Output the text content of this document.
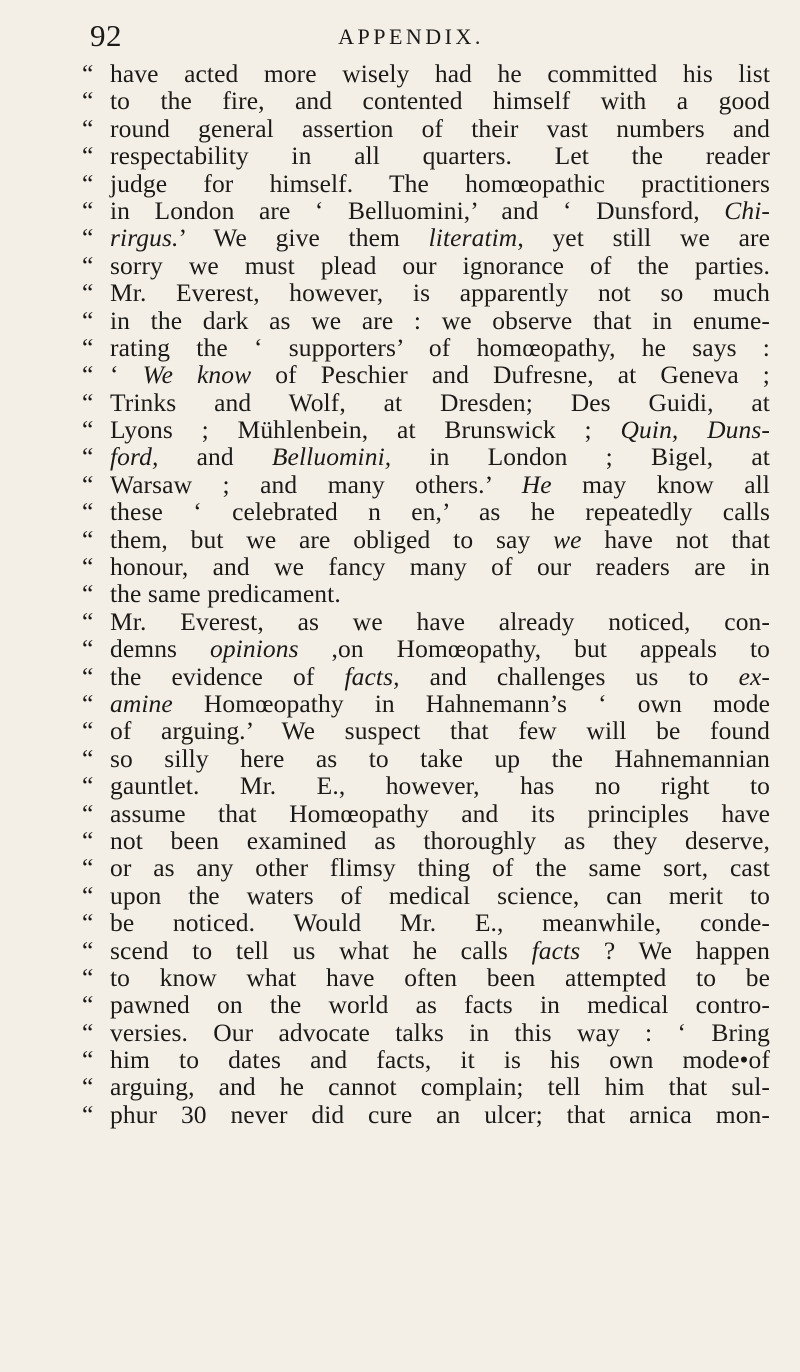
92	APPENDIX.
“ have acted more wisely had he committed his list
“ to the fire, and contented himself with a good
“ round general assertion of their vast numbers and
“ respectability in all quarters. Let the reader
“ judge for himself. The homœopathic practitioners
“ in London are ‘ Belluomini,’ and ‘ Dunsford, Chi-
“ rirgus.’ We give them literatim, yet still we are
“ sorry we must plead our ignorance of the parties.
“ Mr. Everest, however, is apparently not so much
“ in the dark as we are : we observe that in enume-
“ rating the ‘ supporters’ of homœopathy, he says :
“ ‘ We know of Peschier and Dufresne, at Geneva ;
“ Trinks and Wolf, at Dresden; Des Guidi, at
“ Lyons ; Mühlenbein, at Brunswick ; Quin, Duns-
“ ford, and Belluomini, in London ; Bigel, at
“ Warsaw ; and many others.’ He may know all
“ these ‘ celebrated n en,’ as he repeatedly calls
“ them, but we are obliged to say we have not that
“ honour, and we fancy many of our readers are in
“ the same predicament.
“ Mr. Everest, as we have already noticed, con-
“ demns opinions ,on Homœopathy, but appeals to
“ the evidence of facts, and challenges us to ex-
“ amine Homœopathy in Hahnemann’s ‘ own mode
“ of arguing.’ We suspect that few will be found
“ so silly here as to take up the Hahnemannian
“ gauntlet. Mr. E., however, has no right to
“ assume that Homœopathy and its principles have
“ not been examined as thoroughly as they deserve,
“ or as any other flimsy thing of the same sort, cast
“ upon the waters of medical science, can merit to
“ be noticed. Would Mr. E., meanwhile, conde-
“ scend to tell us what he calls facts ? We happen
“ to know what have often been attempted to be
“ pawned on the world as facts in medical contro-
“ versies. Our advocate talks in this way : ‘ Bring
“ him to dates and facts, it is his own mode•of
“ arguing, and he cannot complain; tell him that sul-
“ phur 30 never did cure an ulcer; that arnica mon-
